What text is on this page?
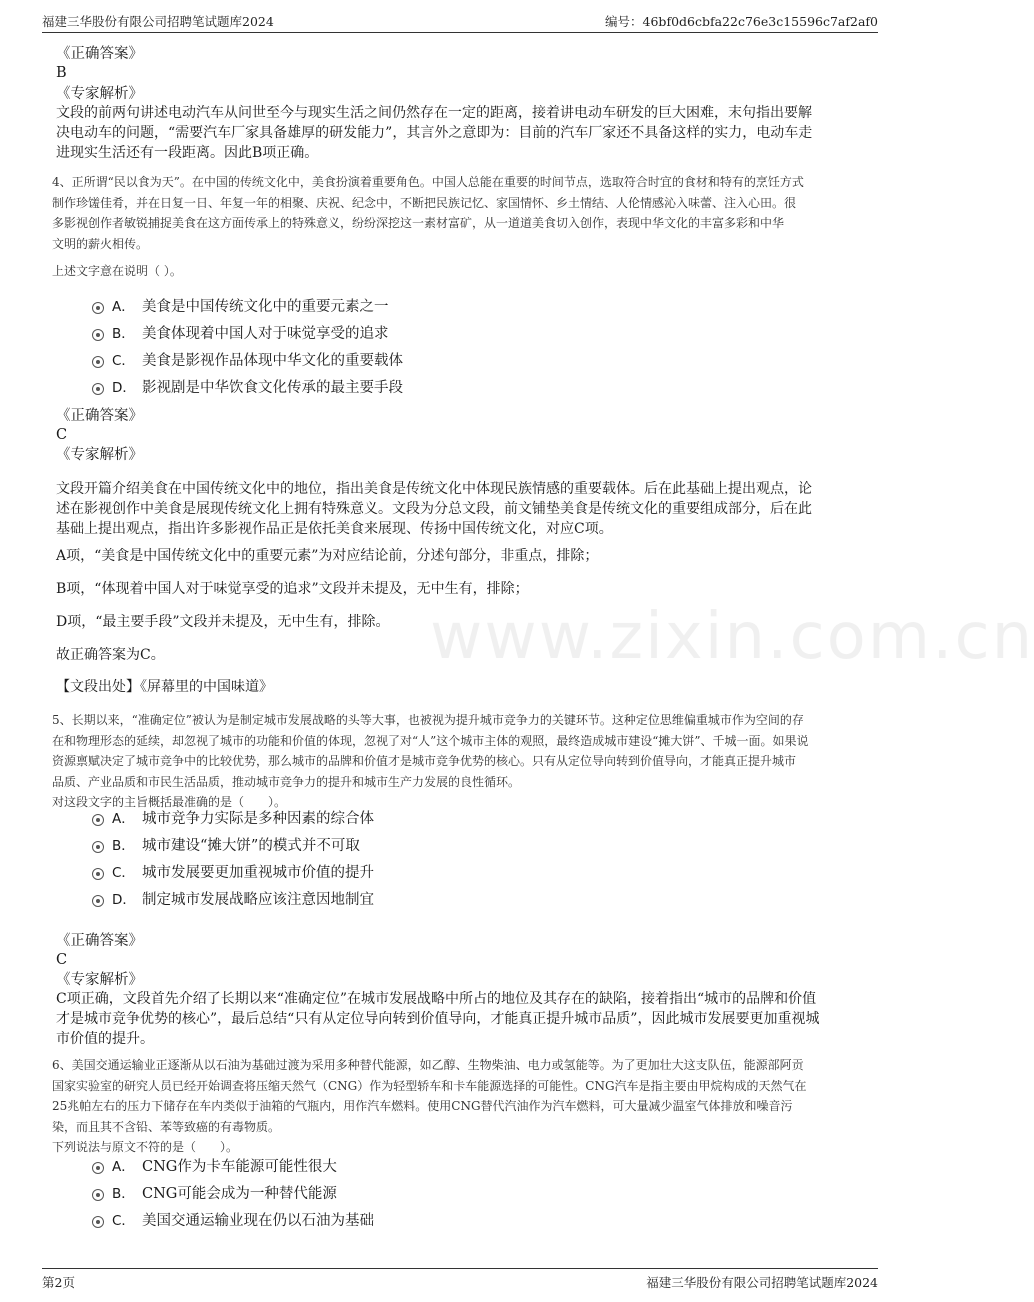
福建三华股份有限公司招聘笔试题库2024	编号：46bf0d6cbfa22c76e3c15596c7af2af0
www.zixin.com.cn
《正确答案》
B
《专家解析》
文段的前两句讲述电动汽车从问世至今与现实生活之间仍然存在一定的距离，接着讲电动车研发的巨大困难，末句指出要解
决电动车的问题，“需要汽车厂家具备雄厚的研发能力”，其言外之意即为：目前的汽车厂家还不具备这样的实力，电动车走
进现实生活还有一段距离。因此B项正确。
4、正所谓“民以食为天”。在中国的传统文化中，美食扮演着重要角色。中国人总能在重要的时间节点，选取符合时宜的食材和特有的烹饪方式
制作珍馐佳肴，并在日复一日、年复一年的相聚、庆祝、纪念中，不断把民族记忆、家国情怀、乡土情结、人伦情感沁入味蕾、注入心田。很
多影视创作者敏锐捕捉美食在这方面传承上的特殊意义，纷纷深挖这一素材富矿，从一道道美食切入创作，表现中华文化的丰富多彩和中华
文明的薪火相传。
上述文字意在说明（ ）。
A． 美食是中国传统文化中的重要元素之一
B． 美食体现着中国人对于味觉享受的追求
C． 美食是影视作品体现中华文化的重要载体
D． 影视剧是中华饮食文化传承的最主要手段
《正确答案》
C
《专家解析》
文段开篇介绍美食在中国传统文化中的地位，指出美食是传统文化中体现民族情感的重要载体。后在此基础上提出观点，论
述在影视创作中美食是展现传统文化上拥有特殊意义。文段为分总文段，前文铺垫美食是传统文化的重要组成部分，后在此
基础上提出观点，指出许多影视作品正是依托美食来展现、传扬中国传统文化，对应C项。
A项，“美食是中国传统文化中的重要元素”为对应结论前，分述句部分，非重点，排除；
B项，“体现着中国人对于味觉享受的追求”文段并未提及，无中生有，排除；
D项，“最主要手段”文段并未提及，无中生有，排除。
故正确答案为C。
【文段出处】《屏幕里的中国味道》
5、长期以来，“准确定位”被认为是制定城市发展战略的头等大事，也被视为提升城市竞争力的关键环节。这种定位思维偏重城市作为空间的存
在和物理形态的延续，却忽视了城市的功能和价值的体现，忽视了对“人”这个城市主体的观照，最终造成城市建设“摊大饼”、千城一面。如果说
资源禀赋决定了城市竞争中的比较优势，那么城市的品牌和价值才是城市竞争优势的核心。只有从定位导向转到价值导向，才能真正提升城市
品质、产业品质和市民生活品质，推动城市竞争力的提升和城市生产力发展的良性循环。
对这段文字的主旨概括最准确的是（　　）。
A． 城市竞争力实际是多种因素的综合体
B． 城市建设“摊大饼”的模式并不可取
C． 城市发展要更加重视城市价值的提升
D． 制定城市发展战略应该注意因地制宜
《正确答案》
C
《专家解析》
C项正确，文段首先介绍了长期以来“准确定位”在城市发展战略中所占的地位及其存在的缺陷，接着指出“城市的品牌和价值
才是城市竞争优势的核心”，最后总结“只有从定位导向转到价值导向，才能真正提升城市品质”，因此城市发展要更加重视城
市价值的提升。
6、美国交通运输业正逐渐从以石油为基础过渡为采用多种替代能源，如乙醇、生物柴油、电力或氢能等。为了更加壮大这支队伍，能源部阿贡
国家实验室的研究人员已经开始调查将压缩天然气（CNG）作为轻型轿车和卡车能源选择的可能性。CNG汽车是指主要由甲烷构成的天然气在
25兆帕左右的压力下储存在车内类似于油箱的气瓶内，用作汽车燃料。使用CNG替代汽油作为汽车燃料，可大量减少温室气体排放和噪音污
染，而且其不含铅、苯等致癌的有毒物质。
下列说法与原文不符的是（　　）。
A． CNG作为卡车能源可能性很大
B． CNG可能会成为一种替代能源
C． 美国交通运输业现在仍以石油为基础
第2页	福建三华股份有限公司招聘笔试题库2024
